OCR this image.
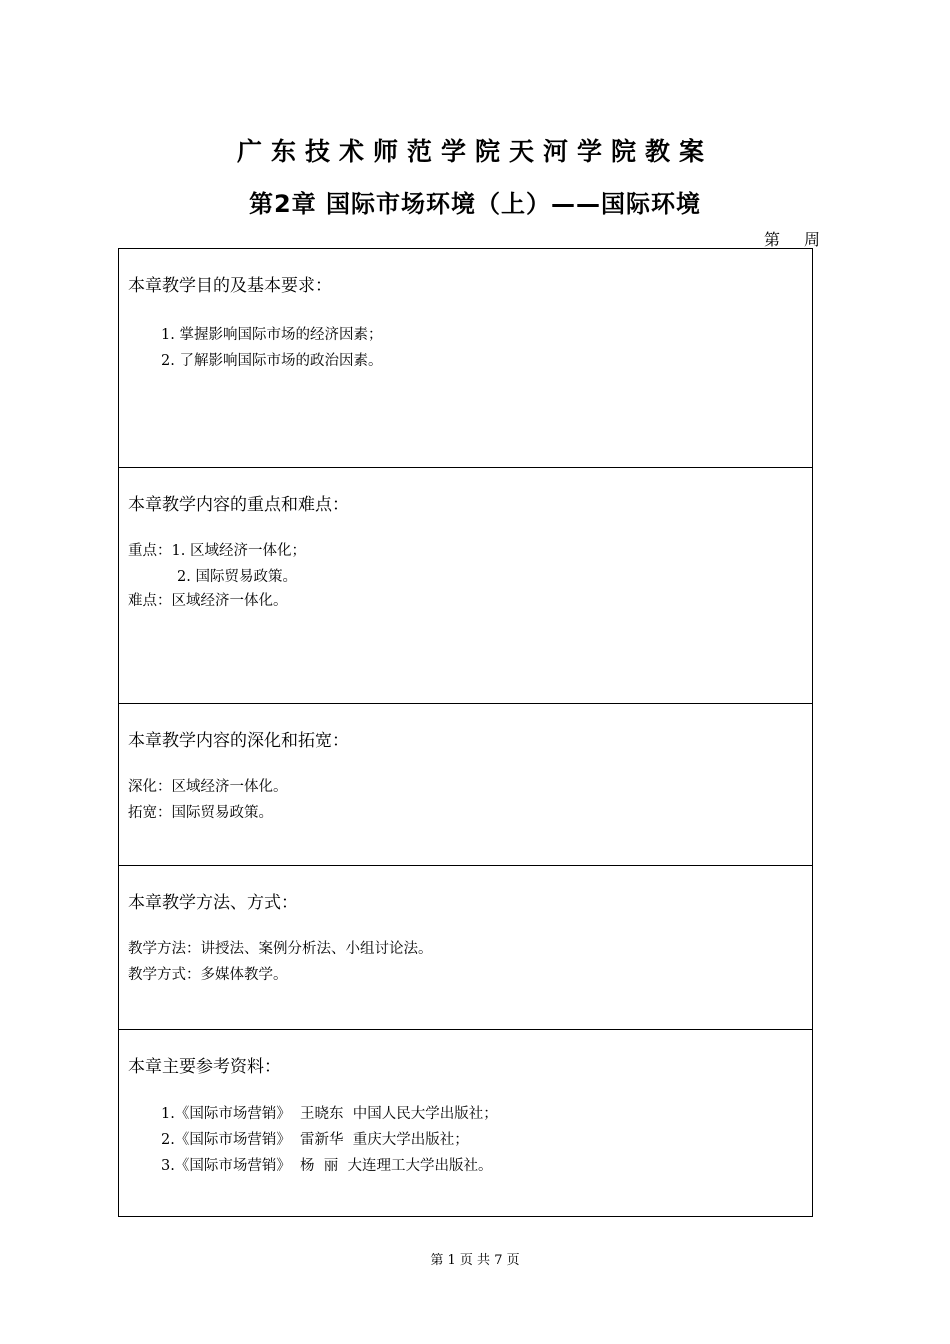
广东技术师范学院天河学院教案
第2章 国际市场环境（上）——国际环境
第 周
本章教学目的及基本要求：
1. 掌握影响国际市场的经济因素；
2. 了解影响国际市场的政治因素。
本章教学内容的重点和难点：
重点：1. 区域经济一体化；
2. 国际贸易政策。
难点：区域经济一体化。
本章教学内容的深化和拓宽：
深化：区域经济一体化。
拓宽：国际贸易政策。
本章教学方法、方式：
教学方法：讲授法、案例分析法、小组讨论法。
教学方式：多媒体教学。
本章主要参考资料：
1.《国际市场营销》  王晓东  中国人民大学出版社；
2.《国际市场营销》  雷新华  重庆大学出版社；
3.《国际市场营销》  杨  丽  大连理工大学出版社。
第 1 页 共 7 页
